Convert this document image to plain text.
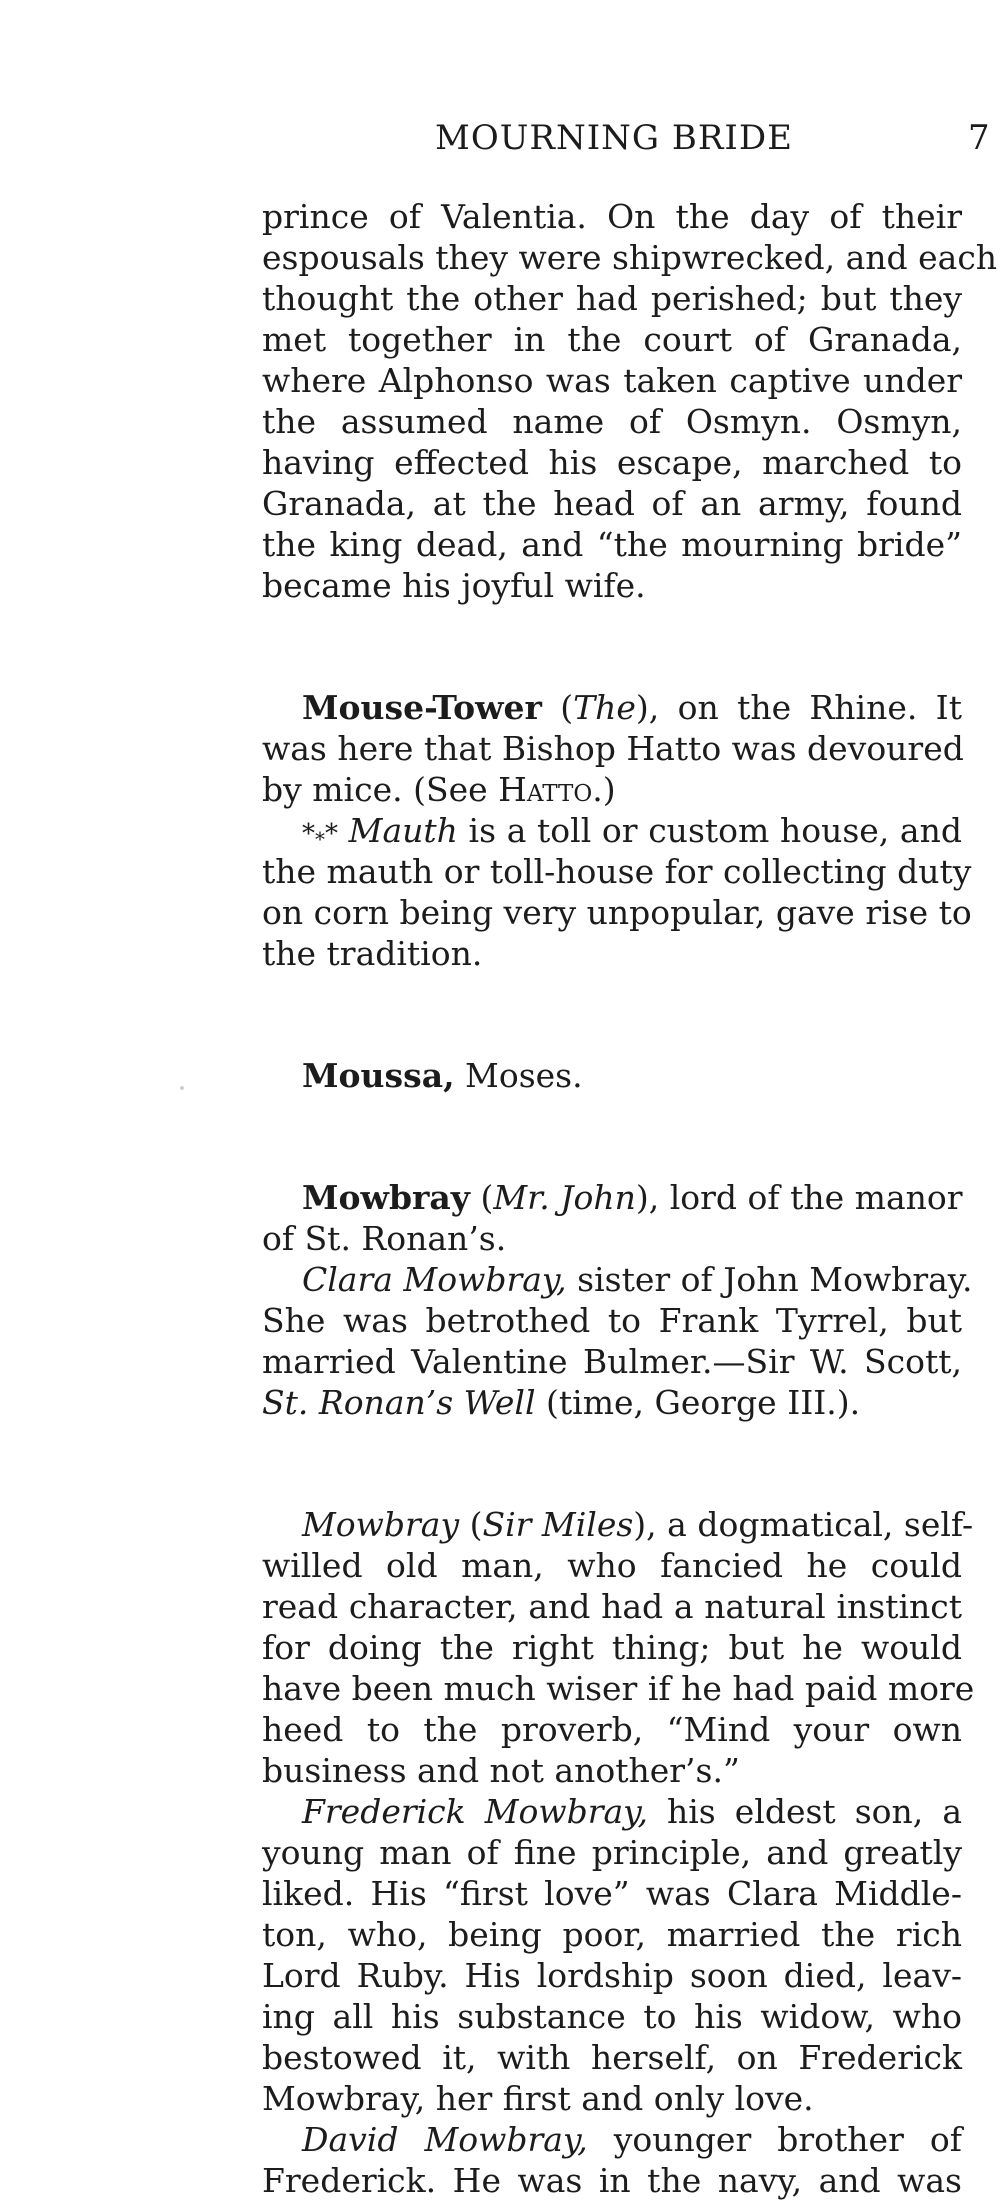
MOURNING BRIDE	7
prince of Valentia. On the day of their
espousals they were shipwrecked, and each
thought the other had perished; but they
met together in the court of Granada,
where Alphonso was taken captive under
the assumed name of Osmyn. Osmyn,
having effected his escape, marched to
Granada, at the head of an army, found
the king dead, and “the mourning bride”
became his joyful wife.
Mouse-Tower (The), on the Rhine. It
was here that Bishop Hatto was devoured
by mice. (See Hatto.)
$*_**$ Mauth is a toll or custom house, and
the mauth or toll-house for collecting duty
on corn being very unpopular, gave rise to
the tradition.
Moussa, Moses.
Mowbray (Mr. John), lord of the manor
of St. Ronan’s.
Clara Mowbray, sister of John Mowbray.
She was betrothed to Frank Tyrrel, but
married Valentine Bulmer.—Sir W. Scott,
St. Ronan’s Well (time, George III.).
Mowbray (Sir Miles), a dogmatical, self-
willed old man, who fancied he could
read character, and had a natural instinct
for doing the right thing; but he would
have been much wiser if he had paid more
heed to the proverb, “Mind your own
business and not another’s.”
Frederick Mowbray, his eldest son, a
young man of fine principle, and greatly
liked. His “first love” was Clara Middle-
ton, who, being poor, married the rich
Lord Ruby. His lordship soon died, leav-
ing all his substance to his widow, who
bestowed it, with herself, on Frederick
Mowbray, her first and only love.
David Mowbray, younger brother of
Frederick. He was in the navy, and was
